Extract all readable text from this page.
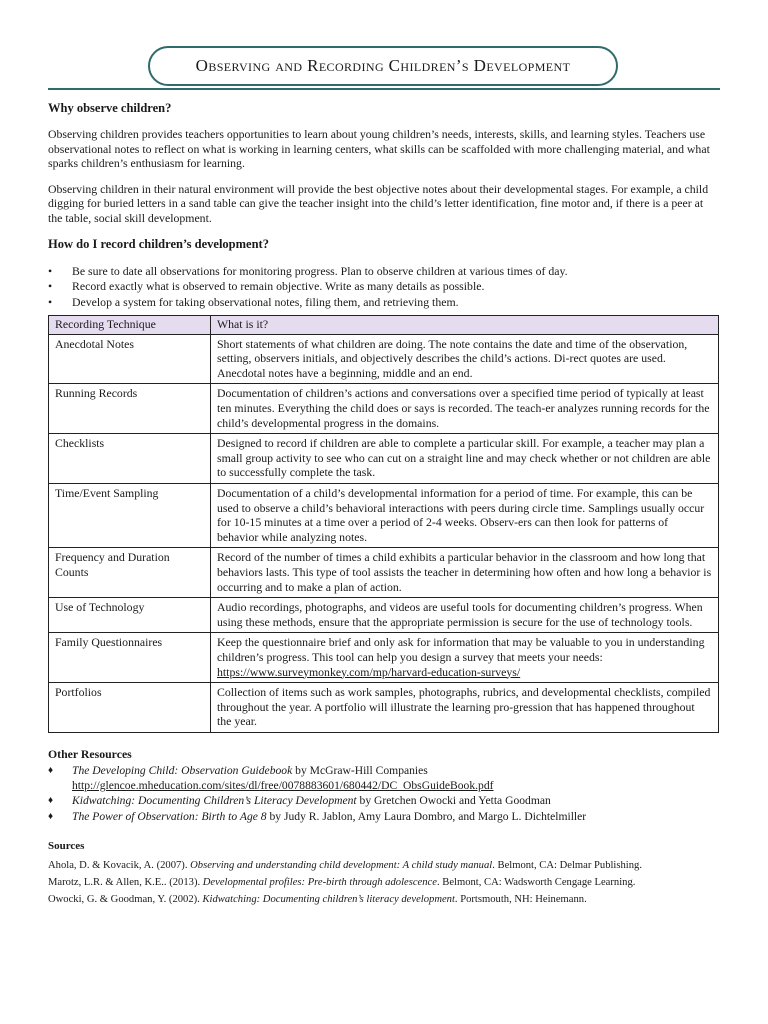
Observing and Recording Children’s Development
Why observe children?

Observing children provides teachers opportunities to learn about young children’s needs, interests, skills, and learning styles. Teachers use observational notes to reflect on what is working in learning centers, what skills can be scaffolded with more challenging material, and what sparks children’s enthusiasm for learning.

Observing children in their natural environment will provide the best objective notes about their developmental stages. For example, a child digging for buried letters in a sand table can give the teacher insight into the child’s letter identification, fine motor and, if there is a peer at the table, social skill development.

How do I record children’s development?
• Be sure to date all observations for monitoring progress. Plan to observe children at various times of day.
• Record exactly what is observed to remain objective. Write as many details as possible.
• Develop a system for taking observational notes, filing them, and retrieving them.
Recording Technique	What is it?
Anecdotal Notes	Short statements of what children are doing. The note contains the date and time of the observation, setting, observers initials, and objectively describes the child’s actions. Di-rect quotes are used. Anecdotal notes have a beginning, middle and an end.
Running Records	Documentation of children’s actions and conversations over a specified time period of typically at least ten minutes. Everything the child does or says is recorded. The teach-er analyzes running records for the child’s developmental progress in the domains.
Checklists	Designed to record if children are able to complete a particular skill. For example, a teacher may plan a small group activity to see who can cut on a straight line and may check whether or not children are able to successfully complete the task.
Time/Event Sampling	Documentation of a child’s developmental information for a period of time. For example, this can be used to observe a child’s behavioral interactions with peers during circle time. Samplings usually occur for 10-15 minutes at a time over a period of 2-4 weeks. Observ-ers can then look for patterns of behavior while analyzing notes.
Frequency and Duration Counts	Record of the number of times a child exhibits a particular behavior in the classroom and how long that behaviors lasts. This type of tool assists the teacher in determining how often and how long a behavior is occurring and to make a plan of action.
Use of Technology	Audio recordings, photographs, and videos are useful tools for documenting children’s progress. When using these methods, ensure that the appropriate permission is secure for the use of technology tools.
Family Questionnaires	Keep the questionnaire brief and only ask for information that may be valuable to you in understanding children’s progress. This tool can help you design a survey that meets your needs: https://www.surveymonkey.com/mp/harvard-education-surveys/
Portfolios	Collection of items such as work samples, photographs, rubrics, and developmental checklists, compiled throughout the year. A portfolio will illustrate the learning pro-gression that has happened throughout the year.
Other Resources
♦ The Developing Child: Observation Guidebook by McGraw-Hill Companies
http://glencoe.mheducation.com/sites/dl/free/0078883601/680442/DC_ObsGuideBook.pdf
♦ Kidwatching: Documenting Children’s Literacy Development by Gretchen Owocki and Yetta Goodman
♦ The Power of Observation: Birth to Age 8 by Judy R. Jablon, Amy Laura Dombro, and Margo L. Dichtelmiller
Sources

Ahola, D. & Kovacik, A. (2007). Observing and understanding child development: A child study manual. Belmont, CA: Delmar Publishing.

Marotz, L.R. & Allen, K.E.. (2013). Developmental profiles: Pre-birth through adolescence. Belmont, CA: Wadsworth Cengage Learning.

Owocki, G. & Goodman, Y. (2002). Kidwatching: Documenting children’s literacy development. Portsmouth, NH: Heinemann.
